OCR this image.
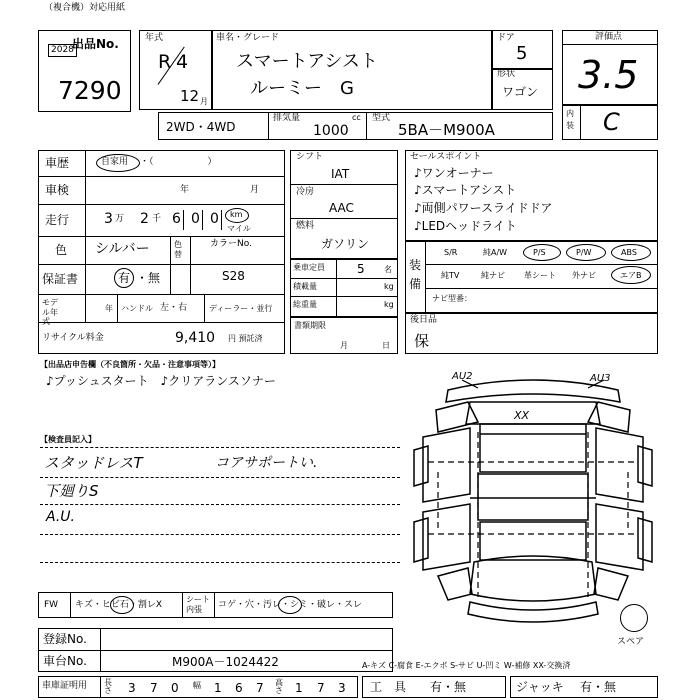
（複合機）対応用紙
出品No.
2028
7290
年式
R 4
12 月
車名・グレード
スマートアシスト
ルーミー　G
ドア
5
形状
ワゴン
評価点
3.5
内装 C
2WD・4WD
排気量	cc
1000
型式
5BA－M900A
車歴	自家用 ・（　　　　　　）
車検	年	月
走行 3 万 2 千 6 0 0 km
マイル
色 シルバー	色替
カラーNo.
保証書	有 ・無	S28
モデル年式
年 ハンドル 左・右	ディーラー・並行
リサイクル料金	9,410 円 預託済
シフト
IAT
冷房
AAC
燃料
ガソリン
乗車定員	5 名
積載量	kg
総重量	kg
書類期限
月	日
セールスポイント
♪ワンオーナー
♪スマートアシスト
♪両側パワースライドドア
♪LEDヘッドライト
装備
S/R	純A/W	P/S	P/W	ABS
純TV	純ナビ 革シート 外ナビ	エアB
ナビ型番：
後日品
保
【出品店申告欄（不良箇所・欠品・注意事項等）】
♪プッシュスタート　♪クリアランスソナー
【検査員記入】
スタッドレスT	コアサポートい.
下廻りS
A.U.
AU2	AU3
XX
スペア
FW キズ・ヒビ石・割レX
シート内張	コゲ・穴・汚レ・シミ・破レ・スレ
登録No.
車台No.	M900A－1024422	A-キズ C-腐食 E-エクボ S-サビ U-凹ミ W-補修 XX-交換済
車庫証明用 長さ 3 7 0 幅 1 6 7 高さ 1 7 3 工　具 有・無	ジャッキ 有・無
